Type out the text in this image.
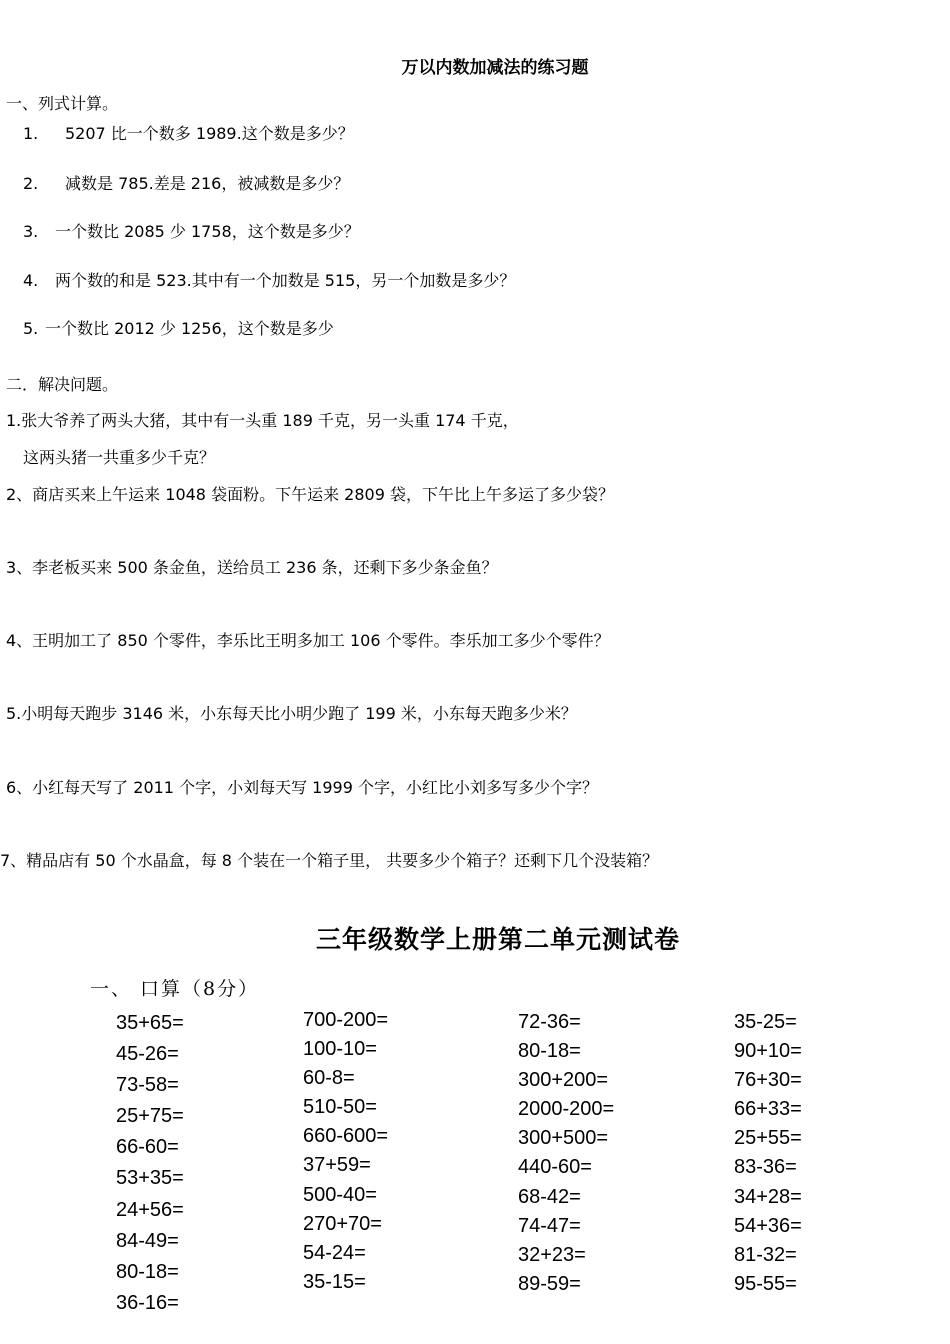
万以内数加减法的练习题
一、列式计算。
1. 5207 比一个数多 1989.这个数是多少？
2. 减数是 785.差是 216，被减数是多少？
3. 一个数比 2085 少 1758，这个数是多少？
4. 两个数的和是 523.其中有一个加数是 515，另一个加数是多少？
5. 一个数比 2012 少 1256，这个数是多少
二．解决问题。
1.张大爷养了两头大猪，其中有一头重 189 千克，另一头重 174 千克，
这两头猪一共重多少千克？
2、商店买来上午运来 1048 袋面粉。下午运来 2809 袋，下午比上午多运了多少袋？
3、李老板买来 500 条金鱼，送给员工 236 条，还剩下多少条金鱼？
4、王明加工了 850 个零件，李乐比王明多加工 106 个零件。李乐加工多少个零件？
5.小明每天跑步 3146 米，小东每天比小明少跑了 199 米，小东每天跑多少米？
6、小红每天写了 2011 个字，小刘每天写 1999 个字，小红比小刘多写多少个字？
7、精品店有 50 个水晶盒，每 8 个装在一个箱子里， 共要多少个箱子？还剩下几个没装箱？
三年级数学上册第二单元测试卷
一、 口算（8分）
35+65=
45-26=
73-58=
25+75=
66-60=
53+35=
24+56=
84-49=
80-18=
36-16=
700-200=
100-10=
60-8=
510-50=
660-600=
37+59=
500-40=
270+70=
54-24=
35-15=
72-36=
80-18=
300+200=
2000-200=
300+500=
440-60=
68-42=
74-47=
32+23=
89-59=
35-25=
90+10=
76+30=
66+33=
25+55=
83-36=
34+28=
54+36=
81-32=
95-55=
